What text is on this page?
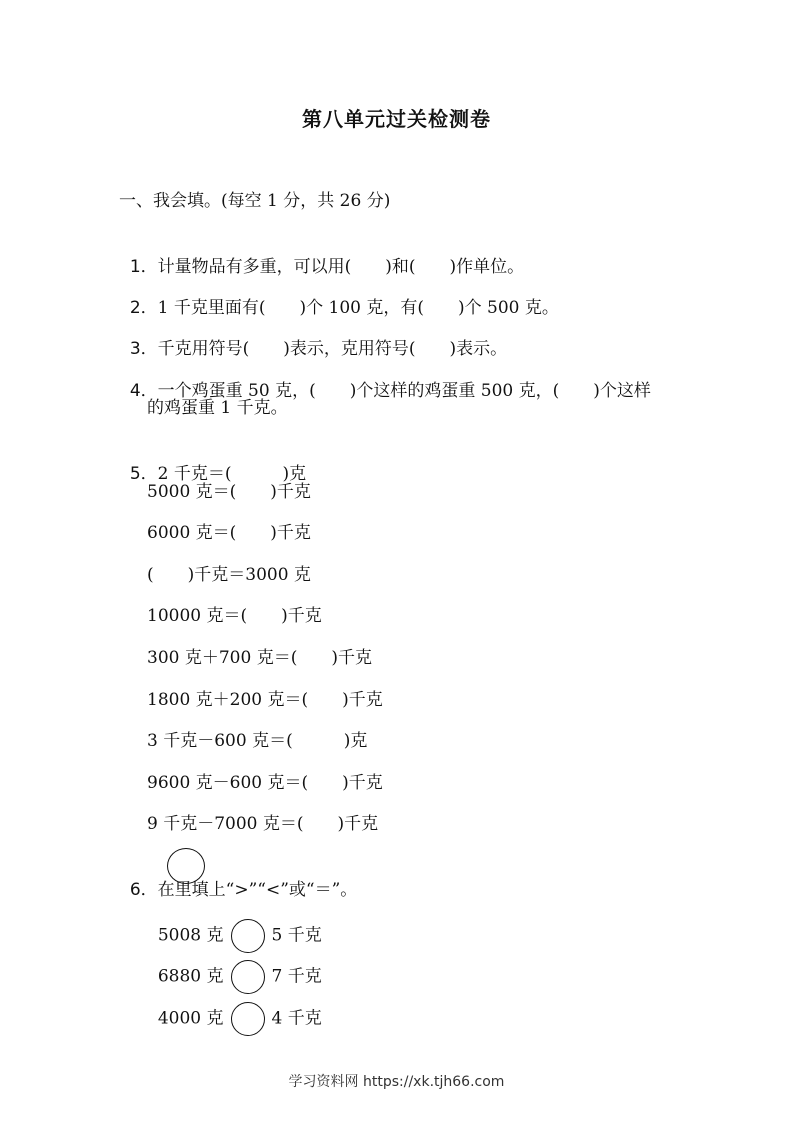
第八单元过关检测卷
一、我会填。(每空 1 分，共 26 分)

1．计量物品有多重，可以用(　　)和(　　)作单位。

2．1 千克里面有(　　)个 100 克，有(　　)个 500 克。

3．千克用符号(　　)表示，克用符号(　　)表示。

4．一个鸡蛋重 50 克，(　　)个这样的鸡蛋重 500 克，(　　)个这样

的鸡蛋重 1 千克。

5．2 千克＝(　　　)克

5000 克＝(　　)千克
6000 克＝(　　)千克
(　　)千克＝3000 克
10000 克＝(　　)千克
300 克＋700 克＝(　　)千克
1800 克＋200 克＝(　　)千克
3 千克－600 克＝(　　　)克
9600 克－600 克＝(　　)千克
9 千克－7000 克＝(　　)千克

6．在里填上“>”“<”或“＝”。

5008 克	5 千克

6880 克	7 千克

4000 克	4 千克

学习资料网 https://xk.tjh66.com
